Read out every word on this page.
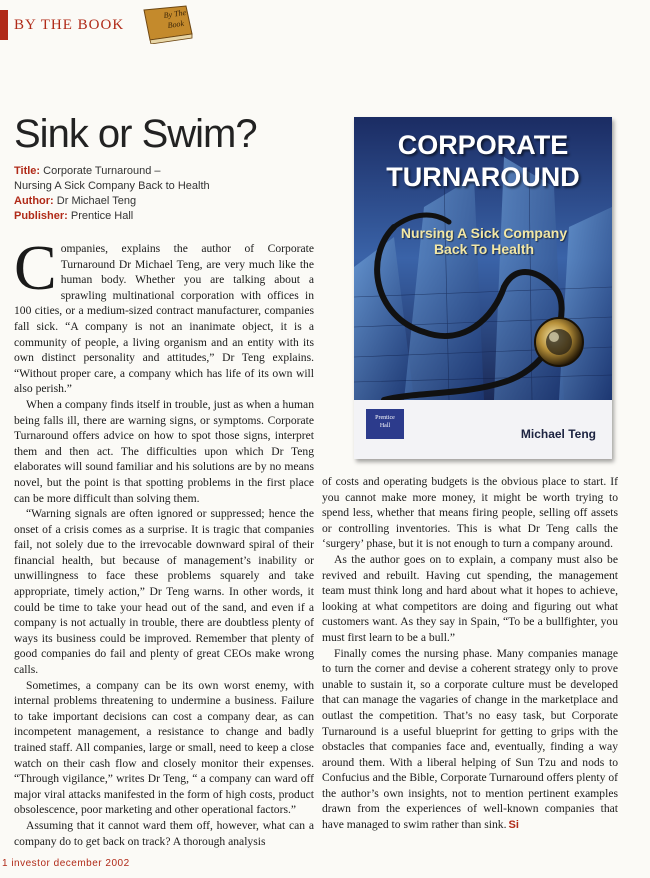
BY THE BOOK
By The
Book
Sink or Swim?
Title: Corporate Turnaround –
Nursing A Sick Company Back to Health
Author: Dr Michael Teng
Publisher: Prentice Hall
CORPORATE
TURNAROUND
Nursing A Sick Company
Back To Health
Prentice
Hall
Michael Teng

Companies, explains the author of Corporate Turnaround Dr Michael Teng, are very much like the human body. Whether you are talking about a sprawling multinational corporation with offices in 100 cities, or a medium-sized contract manufacturer, companies fall sick. “A company is not an inanimate object, it is a community of people, a living organism and an entity with its own distinct personality and attitudes,” Dr Teng explains. “Without proper care, a company which has life of its own will also perish.”

When a company finds itself in trouble, just as when a human being falls ill, there are warning signs, or symptoms. Corporate Turnaround offers advice on how to spot those signs, interpret them and then act. The difficulties upon which Dr Teng elaborates will sound familiar and his solutions are by no means novel, but the point is that spotting problems in the first place can be more difficult than solving them.

“Warning signals are often ignored or suppressed; hence the onset of a crisis comes as a surprise. It is tragic that companies fail, not solely due to the irrevocable downward spiral of their financial health, but because of management’s inability or unwillingness to face these problems squarely and take appropriate, timely action,” Dr Teng warns. In other words, it could be time to take your head out of the sand, and even if a company is not actually in trouble, there are doubtless plenty of ways its business could be improved. Remember that plenty of good companies do fail and plenty of great CEOs make wrong calls.

Sometimes, a company can be its own worst enemy, with internal problems threatening to undermine a business. Failure to take important decisions can cost a company dear, as can incompetent management, a resistance to change and badly trained staff. All companies, large or small, need to keep a close watch on their cash flow and closely monitor their expenses. “Through vigilance,” writes Dr Teng, “ a company can ward off major viral attacks manifested in the form of high costs, product obsolescence, poor marketing and other operational factors.”

Assuming that it cannot ward them off, however, what can a company do to get back on track? A thorough analysis

of costs and operating budgets is the obvious place to start. If you cannot make more money, it might be worth trying to spend less, whether that means firing people, selling off assets or controlling inventories. This is what Dr Teng calls the ‘surgery’ phase, but it is not enough to turn a company around.

As the author goes on to explain, a company must also be revived and rebuilt. Having cut spending, the management team must think long and hard about what it hopes to achieve, looking at what competitors are doing and figuring out what customers want. As they say in Spain, “To be a bullfighter, you must first learn to be a bull.”

Finally comes the nursing phase. Many companies manage to turn the corner and devise a coherent strategy only to prove unable to sustain it, so a corporate culture must be developed that can manage the vagaries of change in the marketplace and outlast the competition. That’s no easy task, but Corporate Turnaround is a useful blueprint for getting to grips with the obstacles that companies face and, eventually, finding a way around them. With a liberal helping of Sun Tzu and nods to Confucius and the Bible, Corporate Turnaround offers plenty of the author’s own insights, not to mention pertinent examples drawn from the experiences of well-known companies that have managed to swim rather than sink. Si

1 investor december 2002
